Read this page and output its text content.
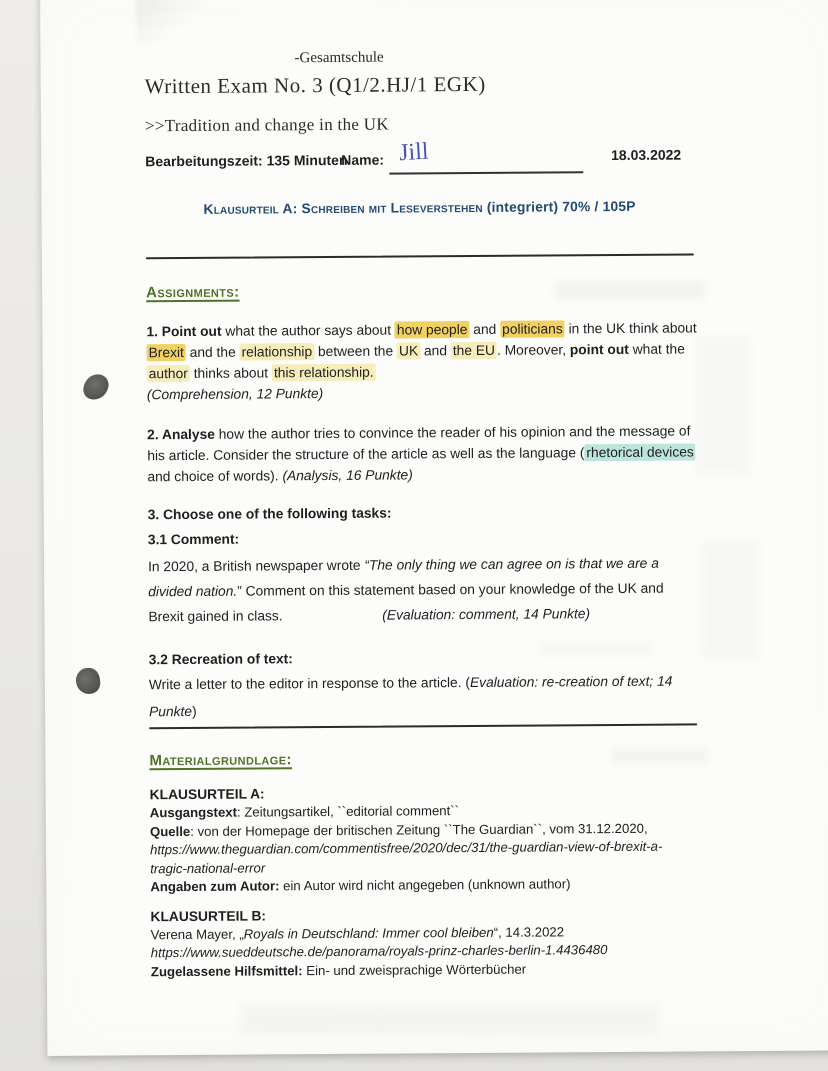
-Gesamtschule
Written Exam No. 3 (Q1/2.HJ/1 EGK)
>>Tradition and change in the UK
Bearbeitungszeit: 135 Minuten
Name: Jill	18.03.2022
Klausurteil A: Schreiben mit Leseverstehen (integriert) 70% / 105P
Assignments:
1. Point out what the author says about how people and politicians in the UK think about
Brexit and the relationship between the UK and the EU . Moreover, point out what the
author thinks about this relationship.
(Comprehension, 12 Punkte)
2. Analyse how the author tries to convince the reader of his opinion and the message of
his article. Consider the structure of the article as well as the language ( rhetorical devices
and choice of words). (Analysis, 16 Punkte)
3. Choose one of the following tasks:
3.1 Comment:
In 2020, a British newspaper wrote “The only thing we can agree on is that we are a
divided nation.” Comment on this statement based on your knowledge of the UK and
Brexit gained in class.	(Evaluation: comment, 14 Punkte)
3.2 Recreation of text:
Write a letter to the editor in response to the article. (Evaluation: re-creation of text; 14
Punkte)
Materialgrundlage:
KLAUSURTEIL A:
Ausgangstext: Zeitungsartikel, ``editorial comment``
Quelle: von der Homepage der britischen Zeitung ``The Guardian``, vom 31.12.2020,
https://www.theguardian.com/commentisfree/2020/dec/31/the-guardian-view-of-brexit-a-
tragic-national-error
Angaben zum Autor: ein Autor wird nicht angegeben (unknown author)
KLAUSURTEIL B:
Verena Mayer, „Royals in Deutschland: Immer cool bleiben“, 14.3.2022
https://www.sueddeutsche.de/panorama/royals-prinz-charles-berlin-1.4436480
Zugelassene Hilfsmittel: Ein- und zweisprachige Wörterbücher
